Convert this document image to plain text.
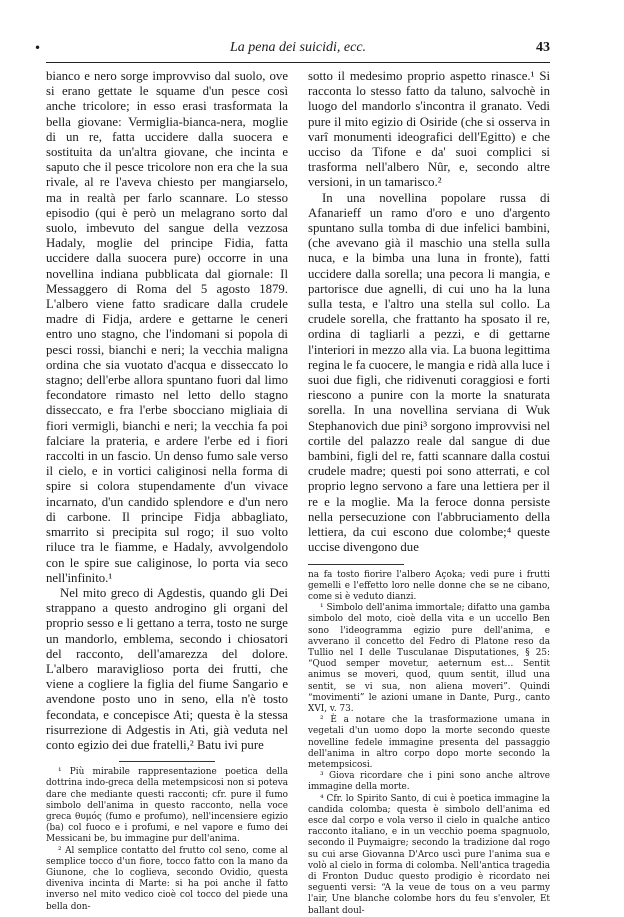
•	La pena dei suicidi, ecc.	43

bianco e nero sorge improvviso dal suolo, ove si erano gettate le squame d'un pesce così anche tricolore; in esso erasi trasformata la bella giovane: Vermiglia-bianca-nera, moglie di un re, fatta uccidere dalla suocera e sostituita da un'altra giovane, che incinta e saputo che il pesce tricolore non era che la sua rivale, al re l'aveva chiesto per mangiarselo, ma in realtà per farlo scannare. Lo stesso episodio (qui è però un melagrano sorto dal suolo, imbevuto del sangue della vezzosa Hadaly, moglie del principe Fidia, fatta uccidere dalla suocera pure) occorre in una novellina indiana pubblicata dal giornale: Il Messaggero di Roma del 5 agosto 1879. L'albero viene fatto sradicare dalla crudele madre di Fidja, ardere e gettarne le ceneri entro uno stagno, che l'indomani si popola di pesci rossi, bianchi e neri; la vecchia maligna ordina che sia vuotato d'acqua e disseccato lo stagno; dell'erbe allora spuntano fuori dal limo fecondatore rimasto nel letto dello stagno disseccato, e fra l'erbe sbocciano migliaia di fiori vermigli, bianchi e neri; la vecchia fa poi falciare la prateria, e ardere l'erbe ed i fiori raccolti in un fascio. Un denso fumo sale verso il cielo, e in vortici caliginosi nella forma di spire si colora stupendamente d'un vivace incarnato, d'un candido splendore e d'un nero di carbone. Il principe Fidja abbagliato, smarrito si precipita sul rogo; il suo volto riluce tra le fiamme, e Hadaly, avvolgendolo con le spire sue caliginose, lo porta via seco nell'infinito.¹

Nel mito greco di Agdestis, quando gli Dei strappano a questo androgino gli organi del proprio sesso e li gettano a terra, tosto ne surge un mandorlo, emblema, secondo i chiosatori del racconto, dell'amarezza del dolore. L'albero maraviglioso porta dei frutti, che viene a cogliere la figlia del fiume Sangario e avendone posto uno in seno, ella n'è tosto fecondata, e concepisce Ati; questa è la stessa risurrezione di Adgestis in Ati, già veduta nel conto egizio dei due fratelli,² Batu ivi pure

¹ Più mirabile rappresentazione poetica della dottrina indo-greca della metempsicosi non si poteva dare che mediante questi racconti; cfr. pure il fumo simbolo dell'anima in questo racconto, nella voce greca θυμός (fumo e profumo), nell'incensiere egizio (ba) col fuoco e i profumi, e nel vapore e fumo dei Messicani be, bu immagine pur dell'anima.

² Al semplice contatto del frutto col seno, come al semplice tocco d'un fiore, tocco fatto con la mano da Giunone, che lo coglieva, secondo Ovidio, questa diveniva incinta di Marte: si ha poi anche il fatto inverso nel mito vedico cioè col tocco del piede una bella don-

sotto il medesimo proprio aspetto rinasce.¹ Si racconta lo stesso fatto da taluno, salvochè in luogo del mandorlo s'incontra il granato. Vedi pure il mito egizio di Osiride (che si osserva in varî monumenti ideografici dell'Egitto) e che ucciso da Tifone e da' suoi complici si trasforma nell'albero Nûr, e, secondo altre versioni, in un tamarisco.²

In una novellina popolare russa di Afanarieff un ramo d'oro e uno d'argento spuntano sulla tomba di due infelici bambini, (che avevano già il maschio una stella sulla nuca, e la bimba una luna in fronte), fatti uccidere dalla sorella; una pecora li mangia, e partorisce due agnelli, di cui uno ha la luna sulla testa, e l'altro una stella sul collo. La crudele sorella, che frattanto ha sposato il re, ordina di tagliarli a pezzi, e di gettarne l'interiori in mezzo alla via. La buona legittima regina le fa cuocere, le mangia e ridà alla luce i suoi due figli, che ridivenuti coraggiosi e forti riescono a punire con la morte la snaturata sorella. In una novellina serviana di Wuk Stephanovich due pini³ sorgono improvvisi nel cortile del palazzo reale dal sangue di due bambini, figli del re, fatti scannare dalla costui crudele madre; questi poi sono atterrati, e col proprio legno servono a fare una lettiera per il re e la moglie. Ma la feroce donna persiste nella persecuzione con l'abbruciamento della lettiera, da cui escono due colombe;⁴ queste uccise divengono due

na fa tosto fiorire l'albero Açoka; vedi pure i frutti gemelli e l'effetto loro nelle donne che se ne cibano, come si è veduto dianzi.

¹ Simbolo dell'anima immortale; difatto una gamba simbolo del moto, cioè della vita e un uccello Ben sono l'ideogramma egizio pure dell'anima, e avverano il concetto del Fedro di Platone reso da Tullio nel I delle Tusculanae Disputationes, § 25: “Quod semper movetur, aeternum est… Sentit animus se moveri, quod, quum sentit, illud una sentit, se vi sua, non aliena moveri”. Quindi “movimenti” le azioni umane in Dante, Purg., canto XVI, v. 73.

² È a notare che la trasformazione umana in vegetali d'un uomo dopo la morte secondo queste novelline fedele immagine presenta del passaggio dell'anima in altro corpo dopo morte secondo la metempsicosi.

³ Giova ricordare che i pini sono anche altrove immagine della morte.

⁴ Cfr. lo Spirito Santo, di cui è poetica immagine la candida colomba; questa è simbolo dell'anima ed esce dal corpo e vola verso il cielo in qualche antico racconto italiano, e in un vecchio poema spagnuolo, secondo il Puymaigre; secondo la tradizione dal rogo su cui arse Giovanna D'Arco uscì pure l'anima sua e volò al cielo in forma di colomba. Nell'antica tragedia di Fronton Duduc questo prodigio è ricordato nei seguenti versi: “A la veue de tous on a veu parmy l'air, Une blanche colombe hors du feu s'envoler, Et ballant doul-
